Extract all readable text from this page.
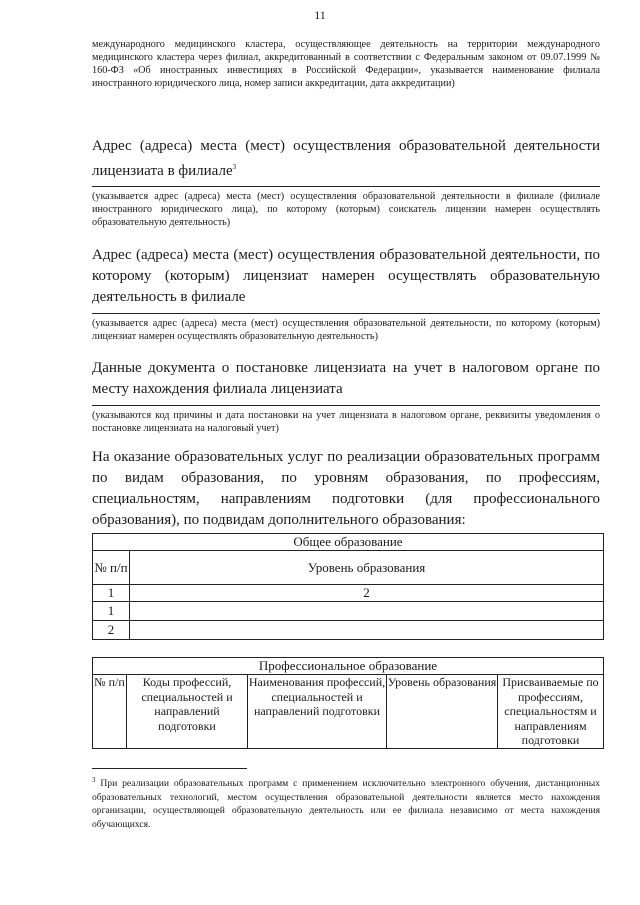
11
международного медицинского кластера, осуществляющее деятельность на территории международного медицинского кластера через филиал, аккредитованный в соответствии с Федеральным законом от 09.07.1999 № 160-ФЗ «Об иностранных инвестициях в Российской Федерации», указывается наименование филиала иностранного юридического лица, номер записи аккредитации, дата аккредитации)
Адрес (адреса) места (мест) осуществления образовательной деятельности лицензиата в филиале$^3$
(указывается адрес (адреса) места (мест) осуществления образовательной деятельности в филиале (филиале иностранного юридического лица), по которому (которым) соискатель лицензии намерен осуществлять образовательную деятельность)
Адрес (адреса) места (мест) осуществления образовательной деятельности, по которому (которым) лицензиат намерен осуществлять образовательную деятельность в филиале
(указывается адрес (адреса) места (мест) осуществления образовательной деятельности, по которому (которым) лицензиат намерен осуществлять образовательную деятельность)
Данные документа о постановке лицензиата на учет в налоговом органе по месту нахождения филиала лицензиата
(указываются код причины и дата постановки на учет лицензиата в налоговом органе, реквизиты уведомления о постановке лицензиата на налоговый учет)
На оказание образовательных услуг по реализации образовательных программ по видам образования, по уровням образования, по профессиям, специальностям, направлениям подготовки (для профессионального образования), по подвидам дополнительного образования:
Общее образование	
№ п/п	Уровень образования
1	2
1	
2	
Профессиональное образование
№ п/п	Коды профессий, специальностей и направлений подготовки	Наименования профессий, специальностей и направлений подготовки	Уровень образования	Присваиваемые по профессиям, специальностям и направлениям подготовки
$^3$ При реализации образовательных программ с применением исключительно электронного обучения, дистанционных образовательных технологий, местом осуществления образовательной деятельности является место нахождения организации, осуществляющей образовательную деятельность или ее филиала независимо от места нахождения обучающихся.
